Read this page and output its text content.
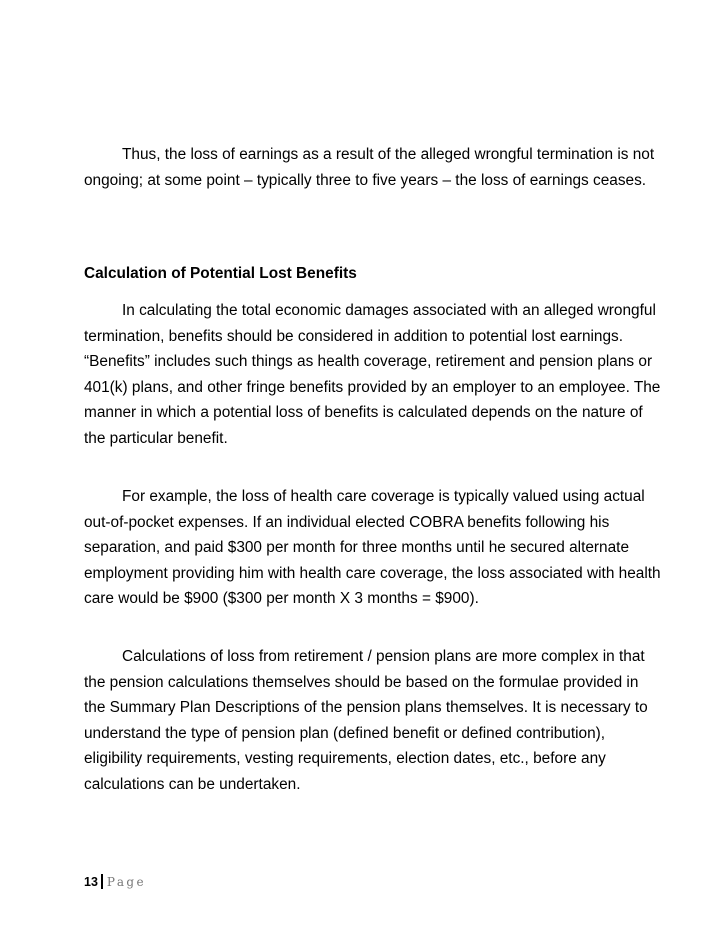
Thus, the loss of earnings as a result of the alleged wrongful termination is not ongoing; at some point – typically three to five years – the loss of earnings ceases.

Calculation of Potential Lost Benefits

In calculating the total economic damages associated with an alleged wrongful termination, benefits should be considered in addition to potential lost earnings. “Benefits” includes such things as health coverage, retirement and pension plans or 401(k) plans, and other fringe benefits provided by an employer to an employee. The manner in which a potential loss of benefits is calculated depends on the nature of the particular benefit.

For example, the loss of health care coverage is typically valued using actual out-of-pocket expenses. If an individual elected COBRA benefits following his separation, and paid $300 per month for three months until he secured alternate employment providing him with health care coverage, the loss associated with health care would be $900 ($300 per month X 3 months = $900).

Calculations of loss from retirement / pension plans are more complex in that the pension calculations themselves should be based on the formulae provided in the Summary Plan Descriptions of the pension plans themselves. It is necessary to understand the type of pension plan (defined benefit or defined contribution), eligibility requirements, vesting requirements, election dates, etc., before any calculations can be undertaken.

13 Page
